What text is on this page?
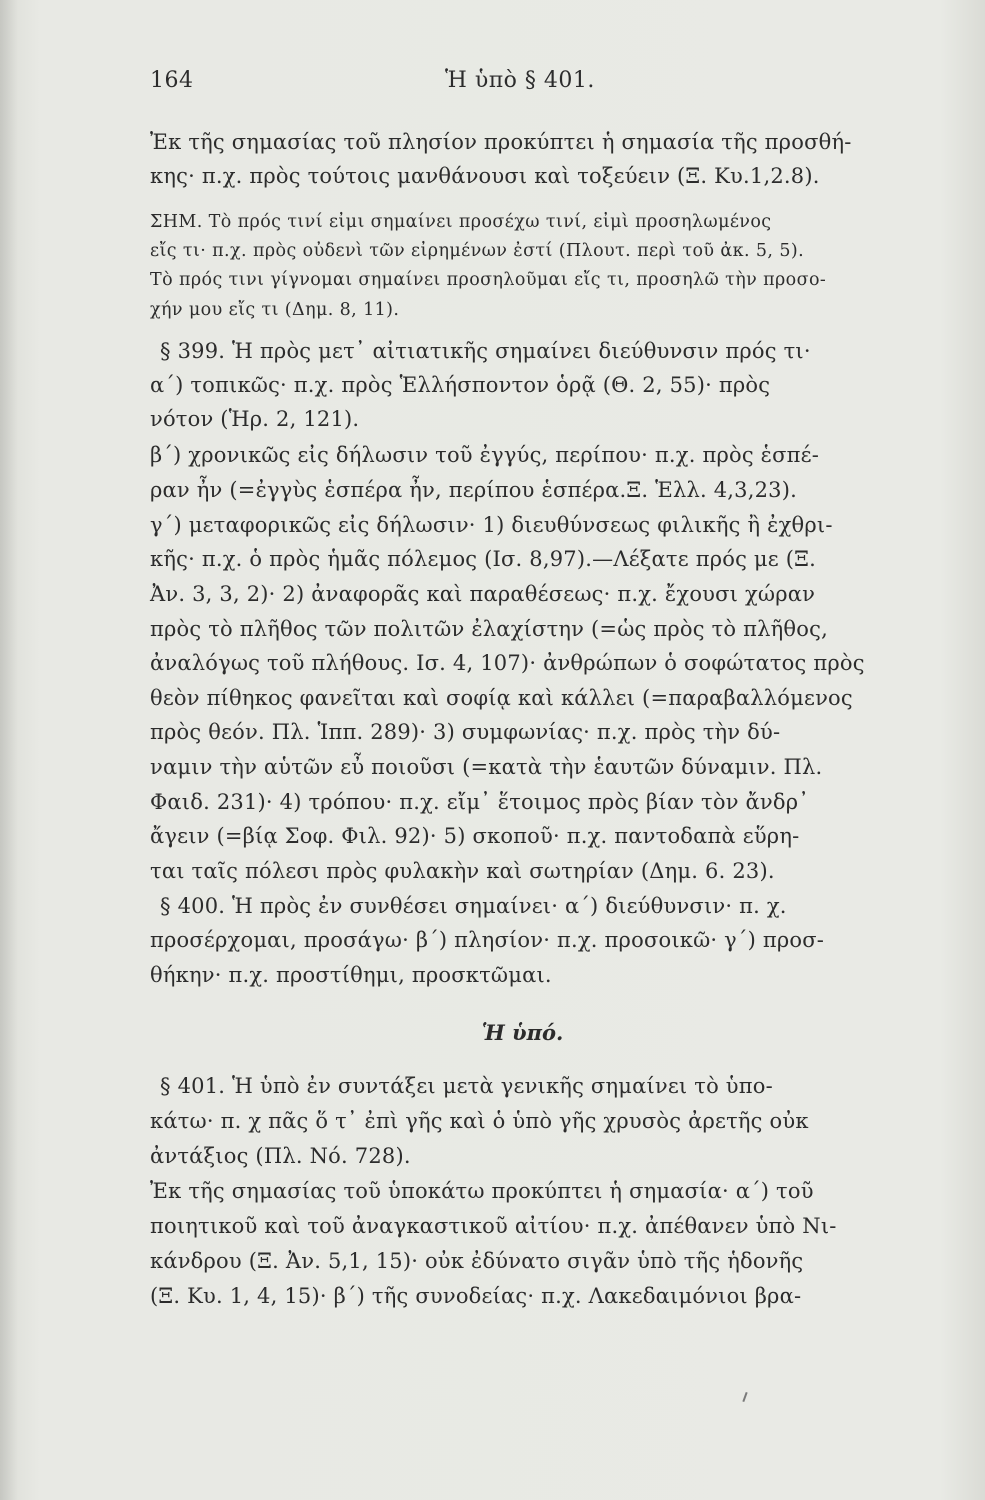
164	Ἡ ὑπὸ § 401.
Ἐκ τῆς σημασίας τοῦ πλησίον προκύπτει ἡ σημασία τῆς προσθή-
κης· π.χ. πρὸς τούτοις μανθάνουσι καὶ τοξεύειν (Ξ. Κυ.1,2.8).
ΣΗΜ. Τὸ πρός τινί εἰμι σημαίνει προσέχω τινί, εἰμὶ προσηλωμένος
εἴς τι· π.χ. πρὸς οὐδενὶ τῶν εἰρημένων ἐστί (Πλουτ. περὶ τοῦ ἀκ. 5, 5).
Τὸ πρός τινι γίγνομαι σημαίνει προσηλοῦμαι εἴς τι, προσηλῶ τὴν προσο-
χήν μου εἴς τι (Δημ. 8, 11).
§ 399. Ἡ πρὸς μετ᾽ αἰτιατικῆς σημαίνει διεύθυνσιν πρός τι·
α΄) τοπικῶς· π.χ. πρὸς Ἑλλήσποντον ὁρᾷ (Θ. 2, 55)· πρὸς
νότον (Ἡρ. 2, 121).
β΄) χρονικῶς εἰς δήλωσιν τοῦ ἐγγύς, περίπου· π.χ. πρὸς ἑσπέ-
ραν ἦν (=ἐγγὺς ἑσπέρα ἦν, περίπου ἑσπέρα.Ξ. Ἑλλ. 4,3,23).
γ΄) μεταφορικῶς εἰς δήλωσιν· 1) διευθύνσεως φιλικῆς ἢ ἐχθρι-
κῆς· π.χ. ὁ πρὸς ἡμᾶς πόλεμος (Ισ. 8,97).—Λέξατε πρός με (Ξ.
Ἀν. 3, 3, 2)· 2) ἀναφορᾶς καὶ παραθέσεως· π.χ. ἔχουσι χώραν
πρὸς τὸ πλῆθος τῶν πολιτῶν ἐλαχίστην (=ὡς πρὸς τὸ πλῆθος,
ἀναλόγως τοῦ πλήθους. Ισ. 4, 107)· ἀνθρώπων ὁ σοφώτατος πρὸς
θεὸν πίθηκος φανεῖται καὶ σοφίᾳ καὶ κάλλει (=παραβαλλόμενος
πρὸς θεόν. Πλ. Ἱππ. 289)· 3) συμφωνίας· π.χ. πρὸς τὴν δύ-
ναμιν τὴν αὑτῶν εὖ ποιοῦσι (=κατὰ τὴν ἑαυτῶν δύναμιν. Πλ.
Φαιδ. 231)· 4) τρόπου· π.χ. εἴμ᾽ ἕτοιμος πρὸς βίαν τὸν ἄνδρ᾽
ἄγειν (=βίᾳ Σοφ. Φιλ. 92)· 5) σκοποῦ· π.χ. παντοδαπὰ εὕρη-
ται ταῖς πόλεσι πρὸς φυλακὴν καὶ σωτηρίαν (Δημ. 6. 23).
§ 400. Ἡ πρὸς ἐν συνθέσει σημαίνει· α΄) διεύθυνσιν· π. χ.
προσέρχομαι, προσάγω· β΄) πλησίον· π.χ. προσοικῶ· γ΄) προσ-
θήκην· π.χ. προστίθημι, προσκτῶμαι.
Ἡ ὑπό.
§ 401. Ἡ ὑπὸ ἐν συντάξει μετὰ γενικῆς σημαίνει τὸ ὑπο-
κάτω· π. χ πᾶς ὅ τ᾽ ἐπὶ γῆς καὶ ὁ ὑπὸ γῆς χρυσὸς ἀρετῆς οὐκ
ἀντάξιος (Πλ. Νό. 728).
Ἐκ τῆς σημασίας τοῦ ὑποκάτω προκύπτει ἡ σημασία· α΄) τοῦ
ποιητικοῦ καὶ τοῦ ἀναγκαστικοῦ αἰτίου· π.χ. ἀπέθανεν ὑπὸ Νι-
κάνδρου (Ξ. Ἀν. 5,1, 15)· οὐκ ἐδύνατο σιγᾶν ὑπὸ τῆς ἡδονῆς
(Ξ. Κυ. 1, 4, 15)· β΄) τῆς συνοδείας· π.χ. Λακεδαιμόνιοι βρα-
